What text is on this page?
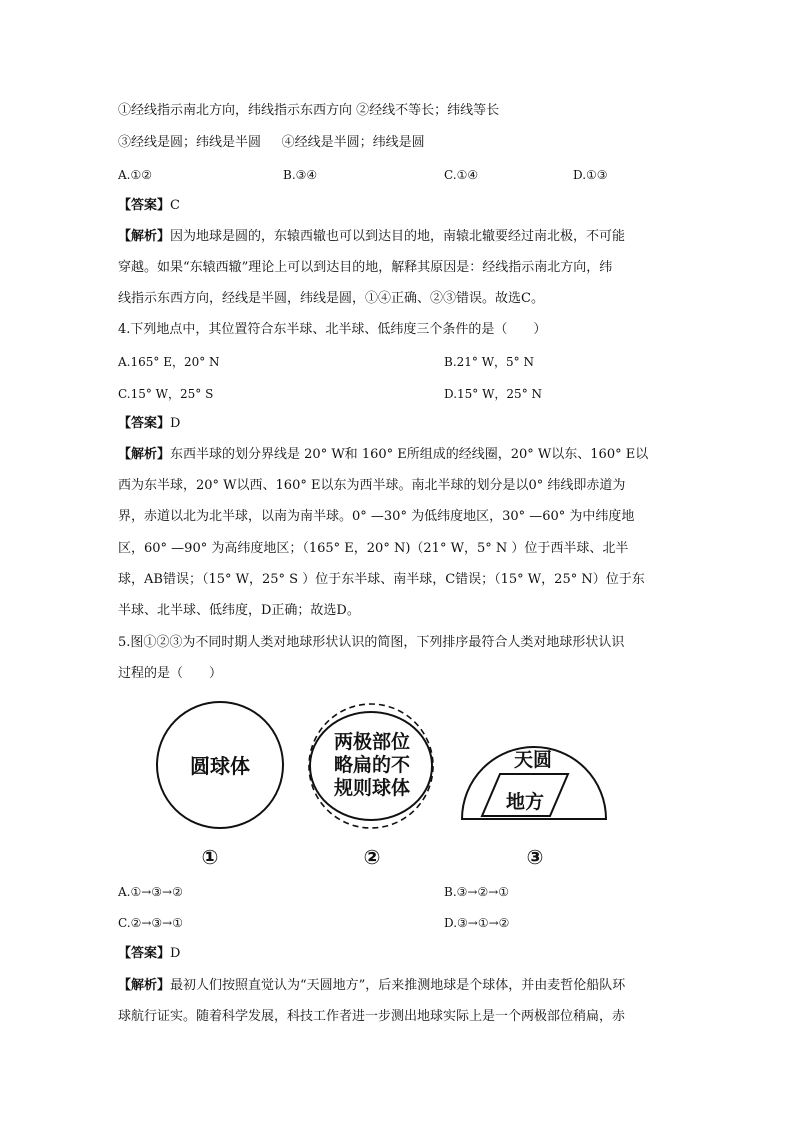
①经线指示南北方向，纬线指示东西方向 ②经线不等长；纬线等长
③经线是圆；纬线是半圆     ④经线是半圆；纬线是圆
A.①②	B.③④	C.①④	D.①③
【答案】C
【解析】因为地球是圆的，东辕西辙也可以到达目的地，南辕北辙要经过南北极，不可能
穿越。如果“东辕西辙”理论上可以到达目的地，解释其原因是：经线指示南北方向，纬
线指示东西方向，经线是半圆，纬线是圆，①④正确、②③错误。故选C。
4.下列地点中，其位置符合东半球、北半球、低纬度三个条件的是（　　）
A.165° E，20° N	B.21° W，5° N
C.15° W，25° S	D.15° W，25° N
【答案】D
【解析】东西半球的划分界线是 20° W和 160° E所组成的经线圈，20° W以东、160° E以
西为东半球，20° W以西、160° E以东为西半球。南北半球的划分是以0° 纬线即赤道为
界，赤道以北为北半球，以南为南半球。0° —30° 为低纬度地区，30° —60° 为中纬度地
区，60° —90° 为高纬度地区；（165° E，20° N)（21° W，5° N ）位于西半球、北半
球，AB错误；（15° W，25° S ）位于东半球、南半球，C错误；（15° W，25° N）位于东
半球、北半球、低纬度，D正确；故选D。
5.图①②③为不同时期人类对地球形状认识的简图，下列排序最符合人类对地球形状认识
过程的是（　　）
圆球体
两极部位
略扁的不
规则球体
天圆
地方
①	②	③
A.①→③→②	B.③→②→①
C.②→③→①	D.③→①→②
【答案】D
【解析】最初人们按照直觉认为“天圆地方”，后来推测地球是个球体，并由麦哲伦船队环
球航行证实。随着科学发展，科技工作者进一步测出地球实际上是一个两极部位稍扁，赤
